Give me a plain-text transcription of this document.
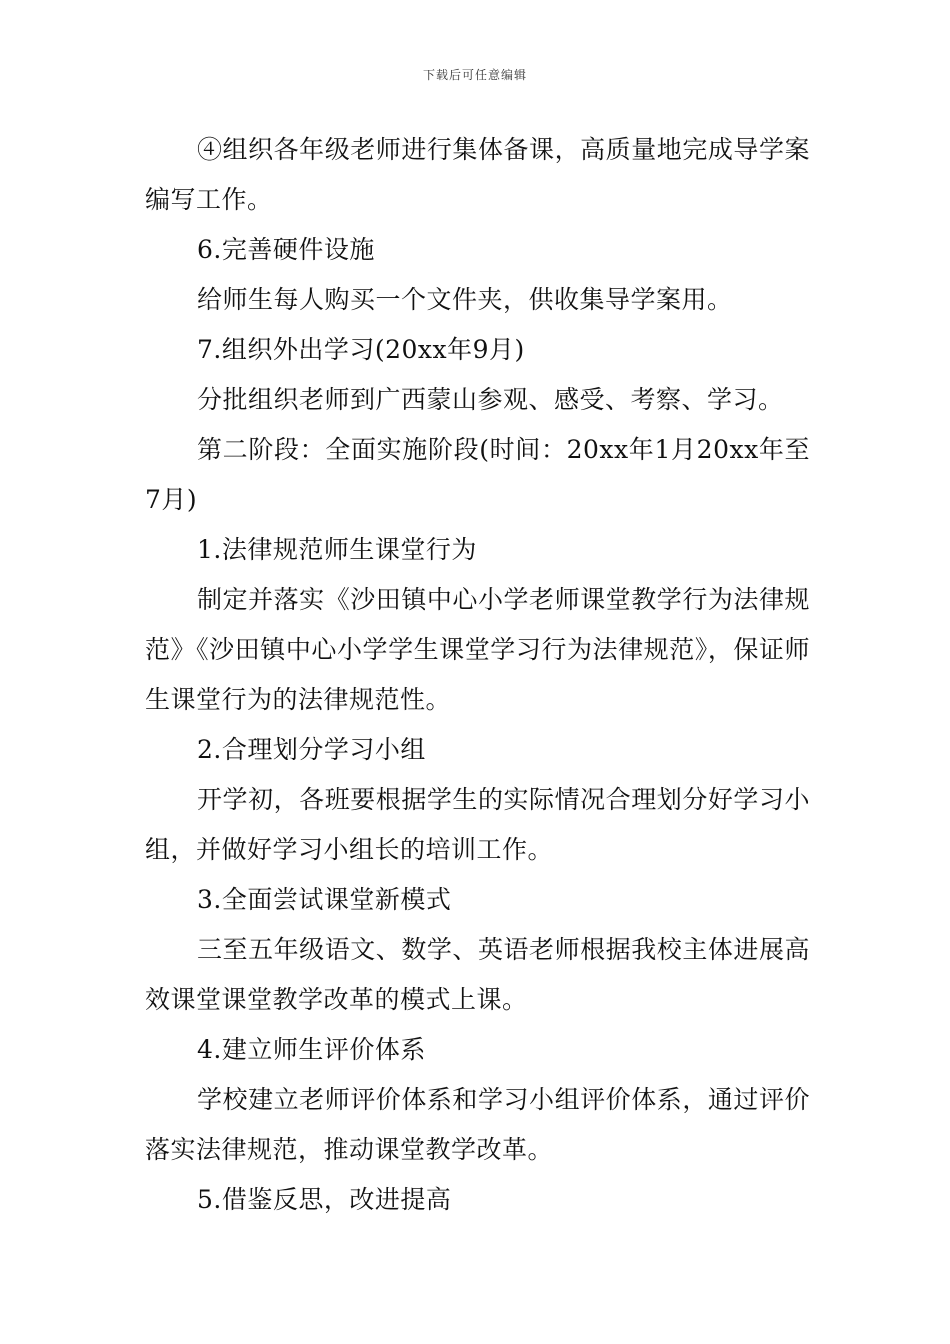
下载后可任意编辑

④组织各年级老师进行集体备课，高质量地完成导学案编写工作。

6.完善硬件设施

给师生每人购买一个文件夹，供收集导学案用。

7.组织外出学习(20xx年9月)

分批组织老师到广西蒙山参观、感受、考察、学习。

第二阶段：全面实施阶段(时间：20xx年1月20xx年至7月)

1.法律规范师生课堂行为

制定并落实《沙田镇中心小学老师课堂教学行为法律规范》《沙田镇中心小学学生课堂学习行为法律规范》，保证师生课堂行为的法律规范性。

2.合理划分学习小组

开学初，各班要根据学生的实际情况合理划分好学习小组，并做好学习小组长的培训工作。

3.全面尝试课堂新模式

三至五年级语文、数学、英语老师根据我校主体进展高效课堂课堂教学改革的模式上课。

4.建立师生评价体系

学校建立老师评价体系和学习小组评价体系，通过评价落实法律规范，推动课堂教学改革。

5.借鉴反思，改进提高
